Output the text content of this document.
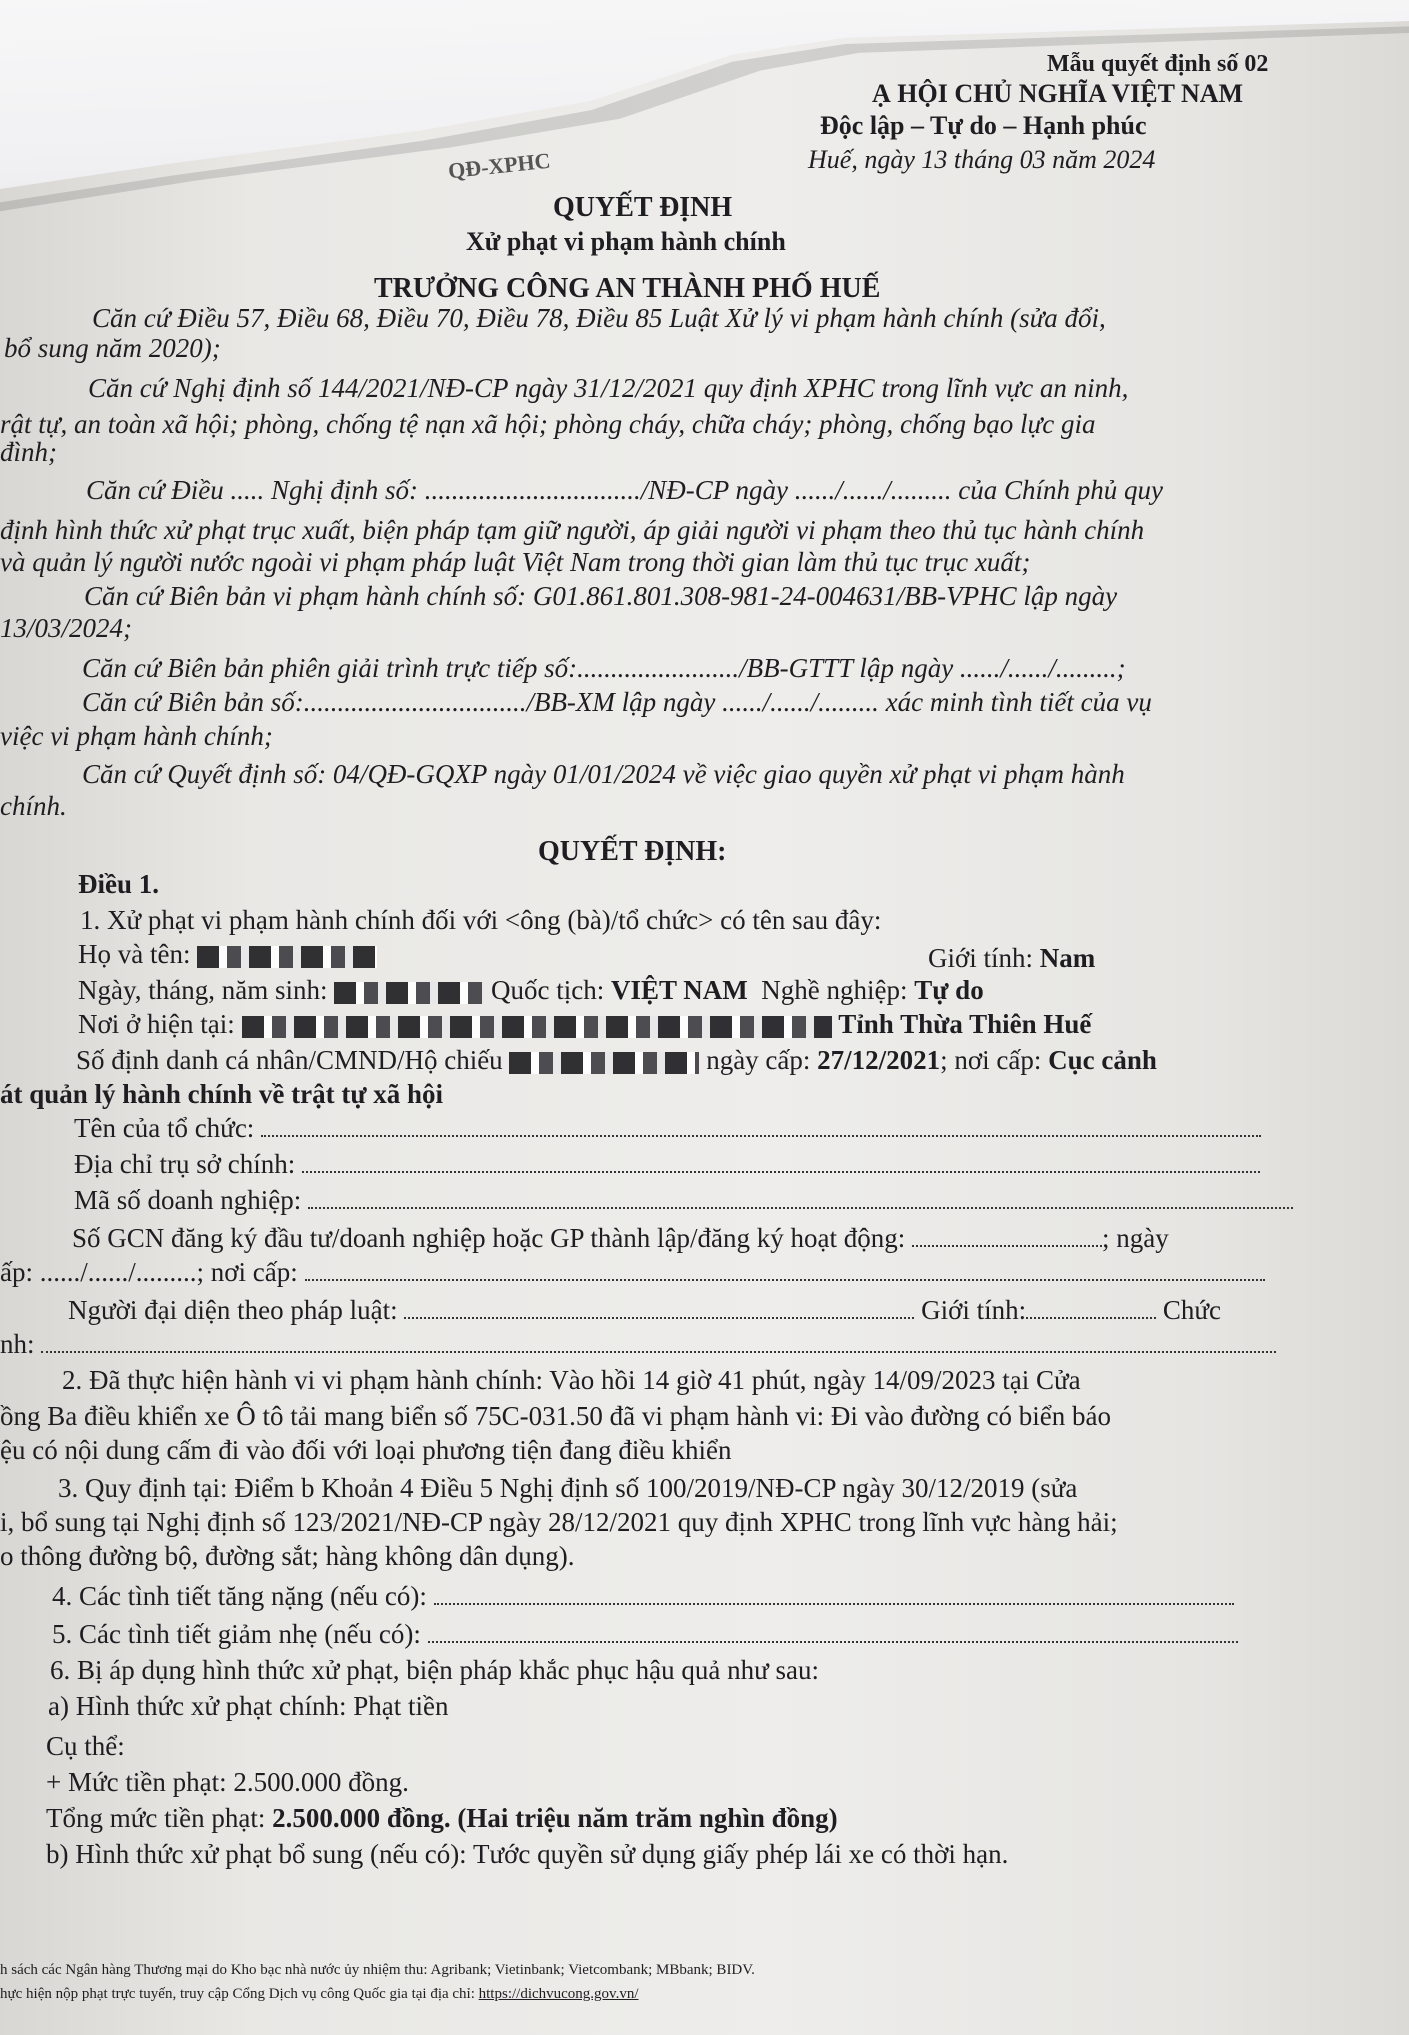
Mẫu quyết định số 02
Ạ HỘI CHỦ NGHĨA VIỆT NAM
Độc lập – Tự do – Hạnh phúc
Huế, ngày 13 tháng 03 năm 2024
QĐ-XPHC
QUYẾT ĐỊNH
Xử phạt vi phạm hành chính
TRƯỞNG CÔNG AN THÀNH PHỐ HUẾ
Căn cứ Điều 57, Điều 68, Điều 70, Điều 78, Điều 85 Luật Xử lý vi phạm hành chính (sửa đổi,
bổ sung năm 2020);
Căn cứ Nghị định số 144/2021/NĐ-CP ngày 31/12/2021 quy định XPHC trong lĩnh vực an ninh,
rật tự, an toàn xã hội; phòng, chống tệ nạn xã hội; phòng cháy, chữa cháy; phòng, chống bạo lực gia
đình;
Căn cứ Điều ..... Nghị định số: ................................/NĐ-CP ngày ....../....../......... của Chính phủ quy
định hình thức xử phạt trục xuất, biện pháp tạm giữ người, áp giải người vi phạm theo thủ tục hành chính
và quản lý người nước ngoài vi phạm pháp luật Việt Nam trong thời gian làm thủ tục trục xuất;
Căn cứ Biên bản vi phạm hành chính số: G01.861.801.308-981-24-004631/BB-VPHC lập ngày
13/03/2024;
Căn cứ Biên bản phiên giải trình trực tiếp số:......................../BB-GTTT lập ngày ....../....../.........;
Căn cứ Biên bản số:................................./BB-XM lập ngày ....../....../......... xác minh tình tiết của vụ
việc vi phạm hành chính;
Căn cứ Quyết định số: 04/QĐ-GQXP ngày 01/01/2024 về việc giao quyền xử phạt vi phạm hành
chính.
QUYẾT ĐỊNH:
Điều 1.
1. Xử phạt vi phạm hành chính đối với <ông (bà)/tổ chức> có tên sau đây:
Họ và tên:	Giới tính: Nam
Ngày, tháng, năm sinh:	Quốc tịch: VIỆT NAM Nghề nghiệp: Tự do
Nơi ở hiện tại:	Tỉnh Thừa Thiên Huế
Số định danh cá nhân/CMND/Hộ chiếu	ngày cấp: 27/12/2021; nơi cấp: Cục cảnh
át quản lý hành chính về trật tự xã hội
Tên của tổ chức:
Địa chỉ trụ sở chính:
Mã số doanh nghiệp:
Số GCN đăng ký đầu tư/doanh nghiệp hoặc GP thành lập/đăng ký hoạt động:	; ngày
ấp: ....../....../.........; nơi cấp:
Người đại diện theo pháp luật:	Giới tính:	Chức
nh:
2. Đã thực hiện hành vi vi phạm hành chính: Vào hồi 14 giờ 41 phút, ngày 14/09/2023 tại Cửa
ồng Ba điều khiển xe Ô tô tải mang biển số 75C-031.50 đã vi phạm hành vi: Đi vào đường có biển báo
ệu có nội dung cấm đi vào đối với loại phương tiện đang điều khiển
3. Quy định tại: Điểm b Khoản 4 Điều 5 Nghị định số 100/2019/NĐ-CP ngày 30/12/2019 (sửa
i, bổ sung tại Nghị định số 123/2021/NĐ-CP ngày 28/12/2021 quy định XPHC trong lĩnh vực hàng hải;
o thông đường bộ, đường sắt; hàng không dân dụng).
4. Các tình tiết tăng nặng (nếu có):
5. Các tình tiết giảm nhẹ (nếu có):
6. Bị áp dụng hình thức xử phạt, biện pháp khắc phục hậu quả như sau:
a) Hình thức xử phạt chính: Phạt tiền
Cụ thể:
+ Mức tiền phạt: 2.500.000 đồng.
Tổng mức tiền phạt: 2.500.000 đồng. (Hai triệu năm trăm nghìn đồng)
b) Hình thức xử phạt bổ sung (nếu có): Tước quyền sử dụng giấy phép lái xe có thời hạn.
h sách các Ngân hàng Thương mại do Kho bạc nhà nước ủy nhiệm thu: Agribank; Vietinbank; Vietcombank; MBbank; BIDV.
hực hiện nộp phạt trực tuyến, truy cập Cổng Dịch vụ công Quốc gia tại địa chỉ: https://dichvucong.gov.vn/
